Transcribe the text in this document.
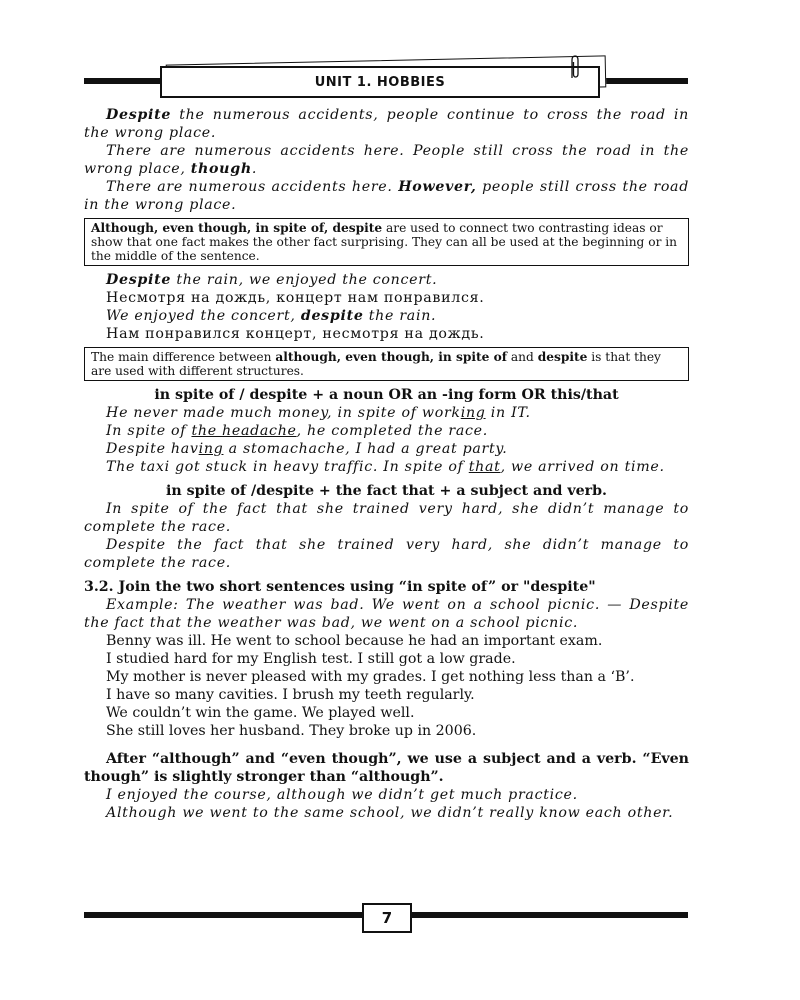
UNIT 1. HOBBIES

Despite the numerous accidents, people continue to cross the road in the wrong place.

There are numerous accidents here. People still cross the road in the wrong place, though.

There are numerous accidents here. However, people still cross the road in the wrong place.

Although, even though, in spite of, despite are used to connect two contrasting ideas or show that one fact makes the other fact surprising. They can all be used at the beginning or in the middle of the sentence.

Despite the rain, we enjoyed the concert.

Несмотря на дождь, концерт нам понравился.

We enjoyed the concert, despite the rain.

Нам понравился концерт, несмотря на дождь.

The main difference between although, even though, in spite of and despite is that they are used with different structures.

in spite of / despite + a noun OR an -ing form OR this/that

He never made much money, in spite of working in IT.

In spite of the headache, he completed the race.

Despite having a stomachache, I had a great party.

The taxi got stuck in heavy traffic. In spite of that, we arrived on time.

in spite of /despite + the fact that + a subject and verb.

In spite of the fact that she trained very hard, she didn’t manage to complete the race.

Despite the fact that she trained very hard, she didn’t manage to complete the race.

3.2. Join the two short sentences using “in spite of” or "despite"

Example: The weather was bad. We went on a school picnic. — Despite the fact that the weather was bad, we went on a school picnic.

Benny was ill. He went to school because he had an important exam.

I studied hard for my English test. I still got a low grade.

My mother is never pleased with my grades. I get nothing less than a ‘B’.

I have so many cavities. I brush my teeth regularly.

We couldn’t win the game. We played well.

She still loves her husband. They broke up in 2006.

After “although” and “even though”, we use a subject and a verb. “Even though” is slightly stronger than “although”.

I enjoyed the course, although we didn’t get much practice.

Although we went to the same school, we didn’t really know each other.

7
